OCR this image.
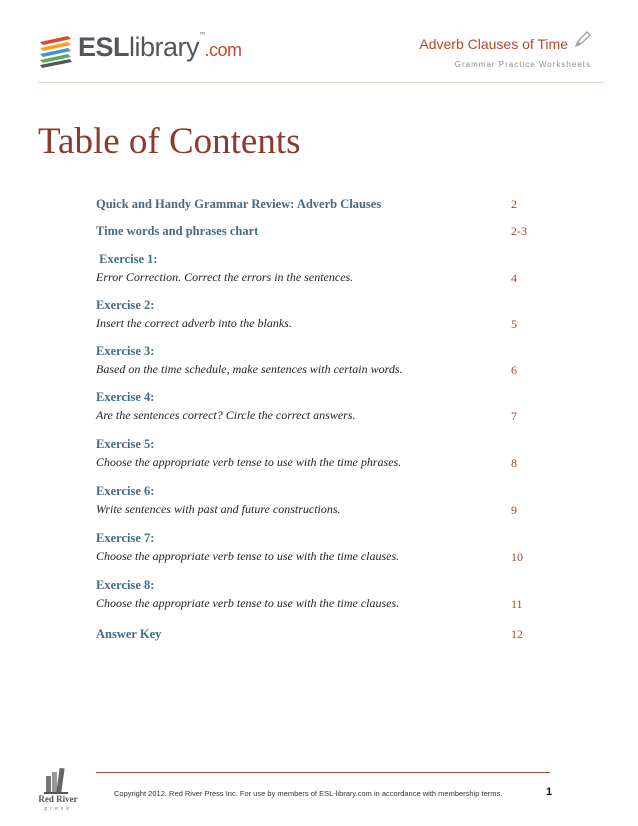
ESLlibrary™.com	Adverb Clauses of Time
Grammar Practice Worksheets
Table of Contents
Quick and Handy Grammar Review: Adverb Clauses	2
Time words and phrases chart	2-3
Exercise 1:
Error Correction. Correct the errors in the sentences.	4
Exercise 2:
Insert the correct adverb into the blanks.	5
Exercise 3:
Based on the time schedule, make sentences with certain words.	6
Exercise 4:
Are the sentences correct? Circle the correct answers.	7
Exercise 5:
Choose the appropriate verb tense to use with the time phrases.	8
Exercise 6:
Write sentences with past and future constructions.	9
Exercise 7:
Choose the appropriate verb tense to use with the time clauses.	10
Exercise 8:
Choose the appropriate verb tense to use with the time clauses.	11
Answer Key	12
Red River
press
Copyright 2012. Red River Press Inc. For use by members of ESL-library.com in accordance with membership terms.	1
